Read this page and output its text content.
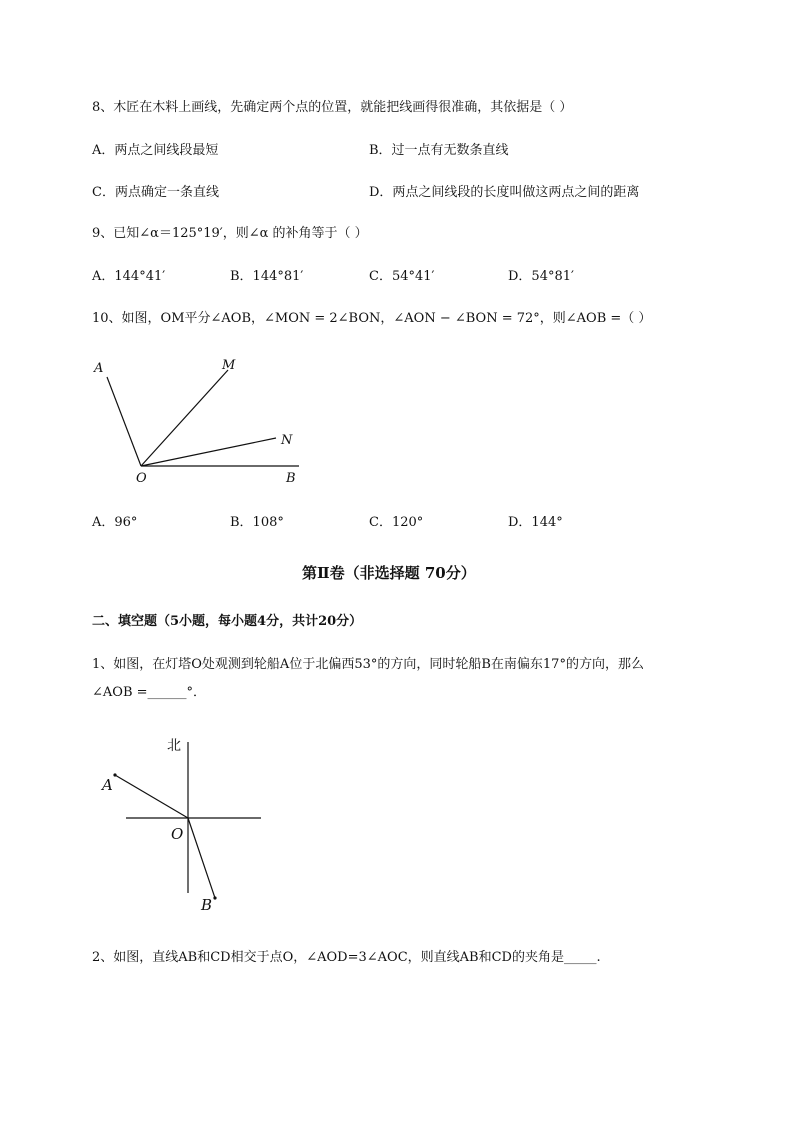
8、木匠在木料上画线，先确定两个点的位置，就能把线画得很准确，其依据是（ ）
A．两点之间线段最短	B．过一点有无数条直线
C．两点确定一条直线	D．两点之间线段的长度叫做这两点之间的距离
9、已知∠α＝125°19′，则∠α 的补角等于（ ）
A．144°41′	B．144°81′	C．54°41′	D．54°81′
10、如图，OM平分∠AOB，∠MON = 2∠BON，∠AON − ∠BON = 72°，则∠AOB =（ ）
A	M
N
O	B
A．96°	B．108°	C．120°	D．144°
第Ⅱ卷（非选择题 70分）
二、填空题（5小题，每小题4分，共计20分）
1、如图，在灯塔O处观测到轮船A位于北偏西53°的方向，同时轮船B在南偏东17°的方向，那么
∠AOB =______°．
北
A
O
B
2、如图，直线AB和CD相交于点O，∠AOD=3∠AOC，则直线AB和CD的夹角是_____.
